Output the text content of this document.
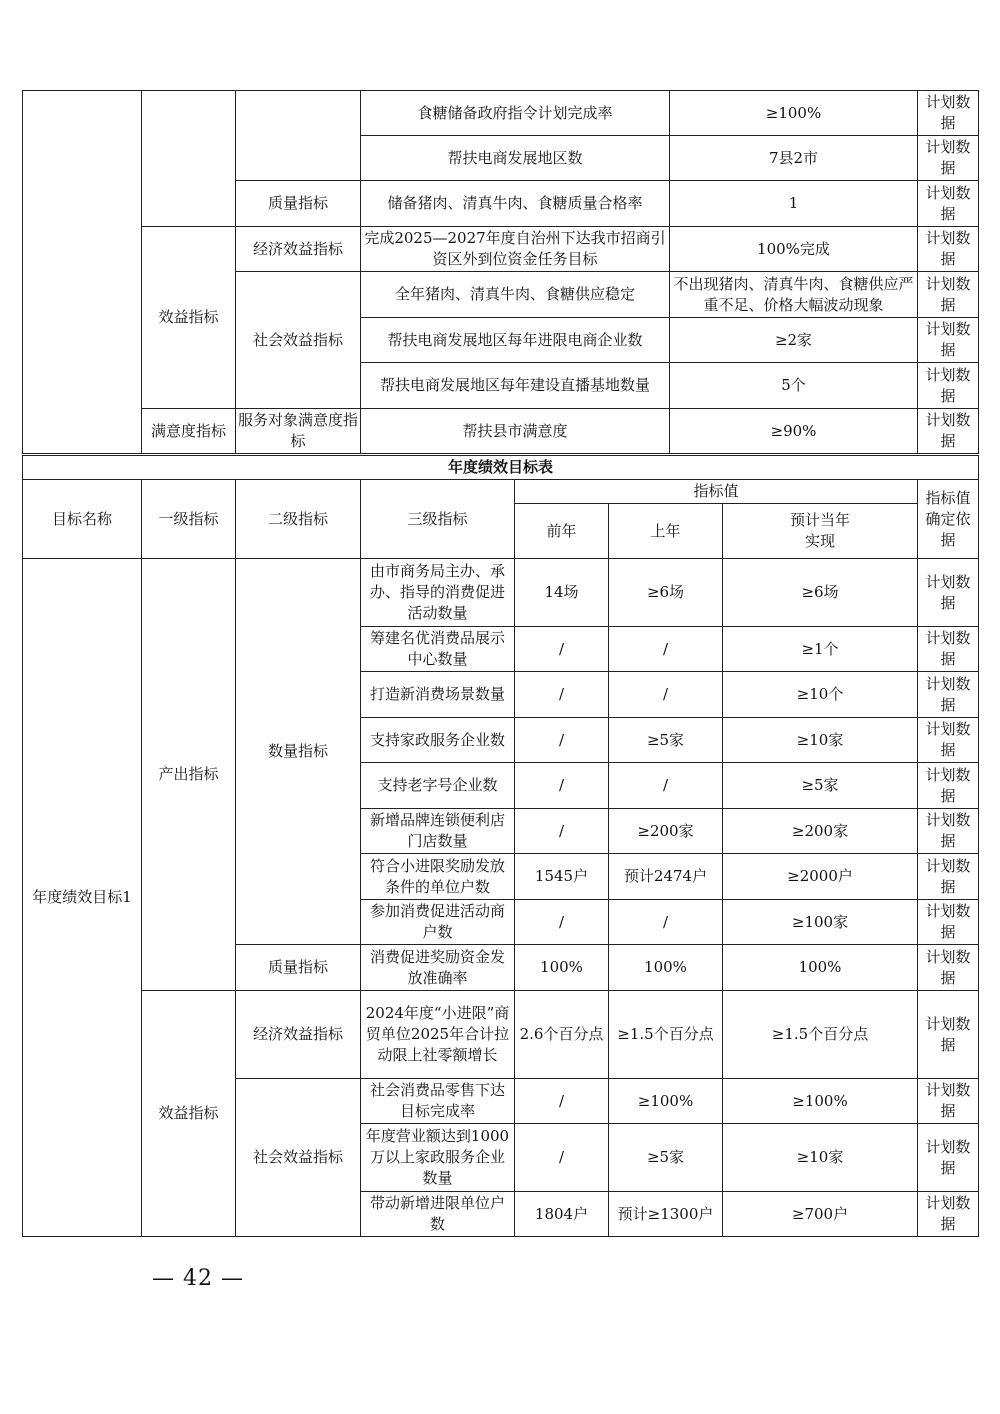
			食糖储备政府指令计划完成率	≥100%	计划数据
			帮扶电商发展地区数	7县2市	计划数据
		质量指标	储备猪肉、清真牛肉、食糖质量合格率	1	计划数据
	效益指标	经济效益指标	完成2025—2027年度自治州下达我市招商引资区外到位资金任务目标	100%完成	计划数据
		社会效益指标	全年猪肉、清真牛肉、食糖供应稳定	不出现猪肉、清真牛肉、食糖供应严重不足、价格大幅波动现象	计划数据
			帮扶电商发展地区每年进限电商企业数	≥2家	计划数据
			帮扶电商发展地区每年建设直播基地数量	5个	计划数据
	满意度指标	服务对象满意度指标	帮扶县市满意度	≥90%	计划数据
年度绩效目标表							
目标名称	一级指标	二级指标	三级指标	指标值			指标值确定依据
				前年	上年	预计当年实现	
年度绩效目标1	产出指标	数量指标	由市商务局主办、承办、指导的消费促进活动数量	14场	≥6场	≥6场	计划数据
			筹建名优消费品展示中心数量	/	/	≥1个	计划数据
			打造新消费场景数量	/	/	≥10个	计划数据
			支持家政服务企业数	/	≥5家	≥10家	计划数据
			支持老字号企业数	/	/	≥5家	计划数据
			新增品牌连锁便利店门店数量	/	≥200家	≥200家	计划数据
			符合小进限奖励发放条件的单位户数	1545户	预计2474户	≥2000户	计划数据
			参加消费促进活动商户数	/	/	≥100家	计划数据
		质量指标	消费促进奖励资金发放准确率	100%	100%	100%	计划数据
	效益指标	经济效益指标	2024年度“小进限”商贸单位2025年合计拉动限上社零额增长	2.6个百分点	≥1.5个百分点	≥1.5个百分点	计划数据
		社会效益指标	社会消费品零售下达目标完成率	/	≥100%	≥100%	计划数据
			年度营业额达到1000万以上家政服务企业数量	/	≥5家	≥10家	计划数据
			带动新增进限单位户数	1804户	预计≥1300户	≥700户	计划数据
— 42 —
